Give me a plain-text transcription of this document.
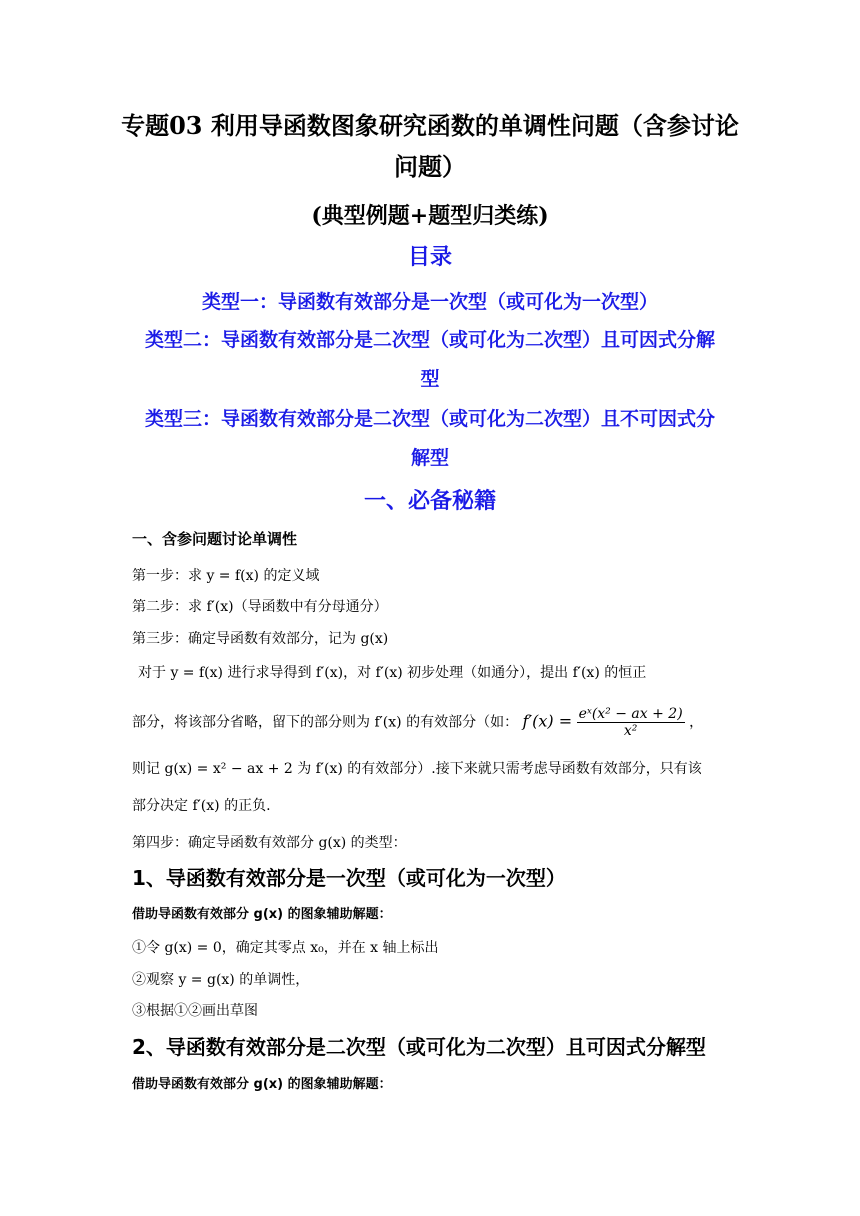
专题03 利用导函数图象研究函数的单调性问题（含参讨论
问题）
(典型例题+题型归类练)
目录
类型一：导函数有效部分是一次型（或可化为一次型）
类型二：导函数有效部分是二次型（或可化为二次型）且可因式分解
型
类型三：导函数有效部分是二次型（或可化为二次型）且不可因式分
解型
一、必备秘籍
一、含参问题讨论单调性
第一步：求 y = f(x) 的定义域
第二步：求 f′(x)（导函数中有分母通分）
第三步：确定导函数有效部分，记为 g(x)
对于 y = f(x) 进行求导得到 f′(x)，对 f′(x) 初步处理（如通分），提出 f′(x) 的恒正
部分，将该部分省略，留下的部分则为 f′(x) 的有效部分（如： $f'(x) = \frac{\text{eˣ(x² − ax + 2)}}{\text{x²}}$ ，
则记 g(x) = x² − ax + 2 为 f′(x) 的有效部分）.接下来就只需考虑导函数有效部分，只有该
部分决定 f′(x) 的正负.
第四步：确定导函数有效部分 g(x) 的类型：
1、导函数有效部分是一次型（或可化为一次型）
借助导函数有效部分 g(x) 的图象辅助解题：
①令 g(x) = 0，确定其零点 x₀，并在 x 轴上标出
②观察 y = g(x) 的单调性，
③根据①②画出草图
2、导函数有效部分是二次型（或可化为二次型）且可因式分解型
借助导函数有效部分 g(x) 的图象辅助解题：
